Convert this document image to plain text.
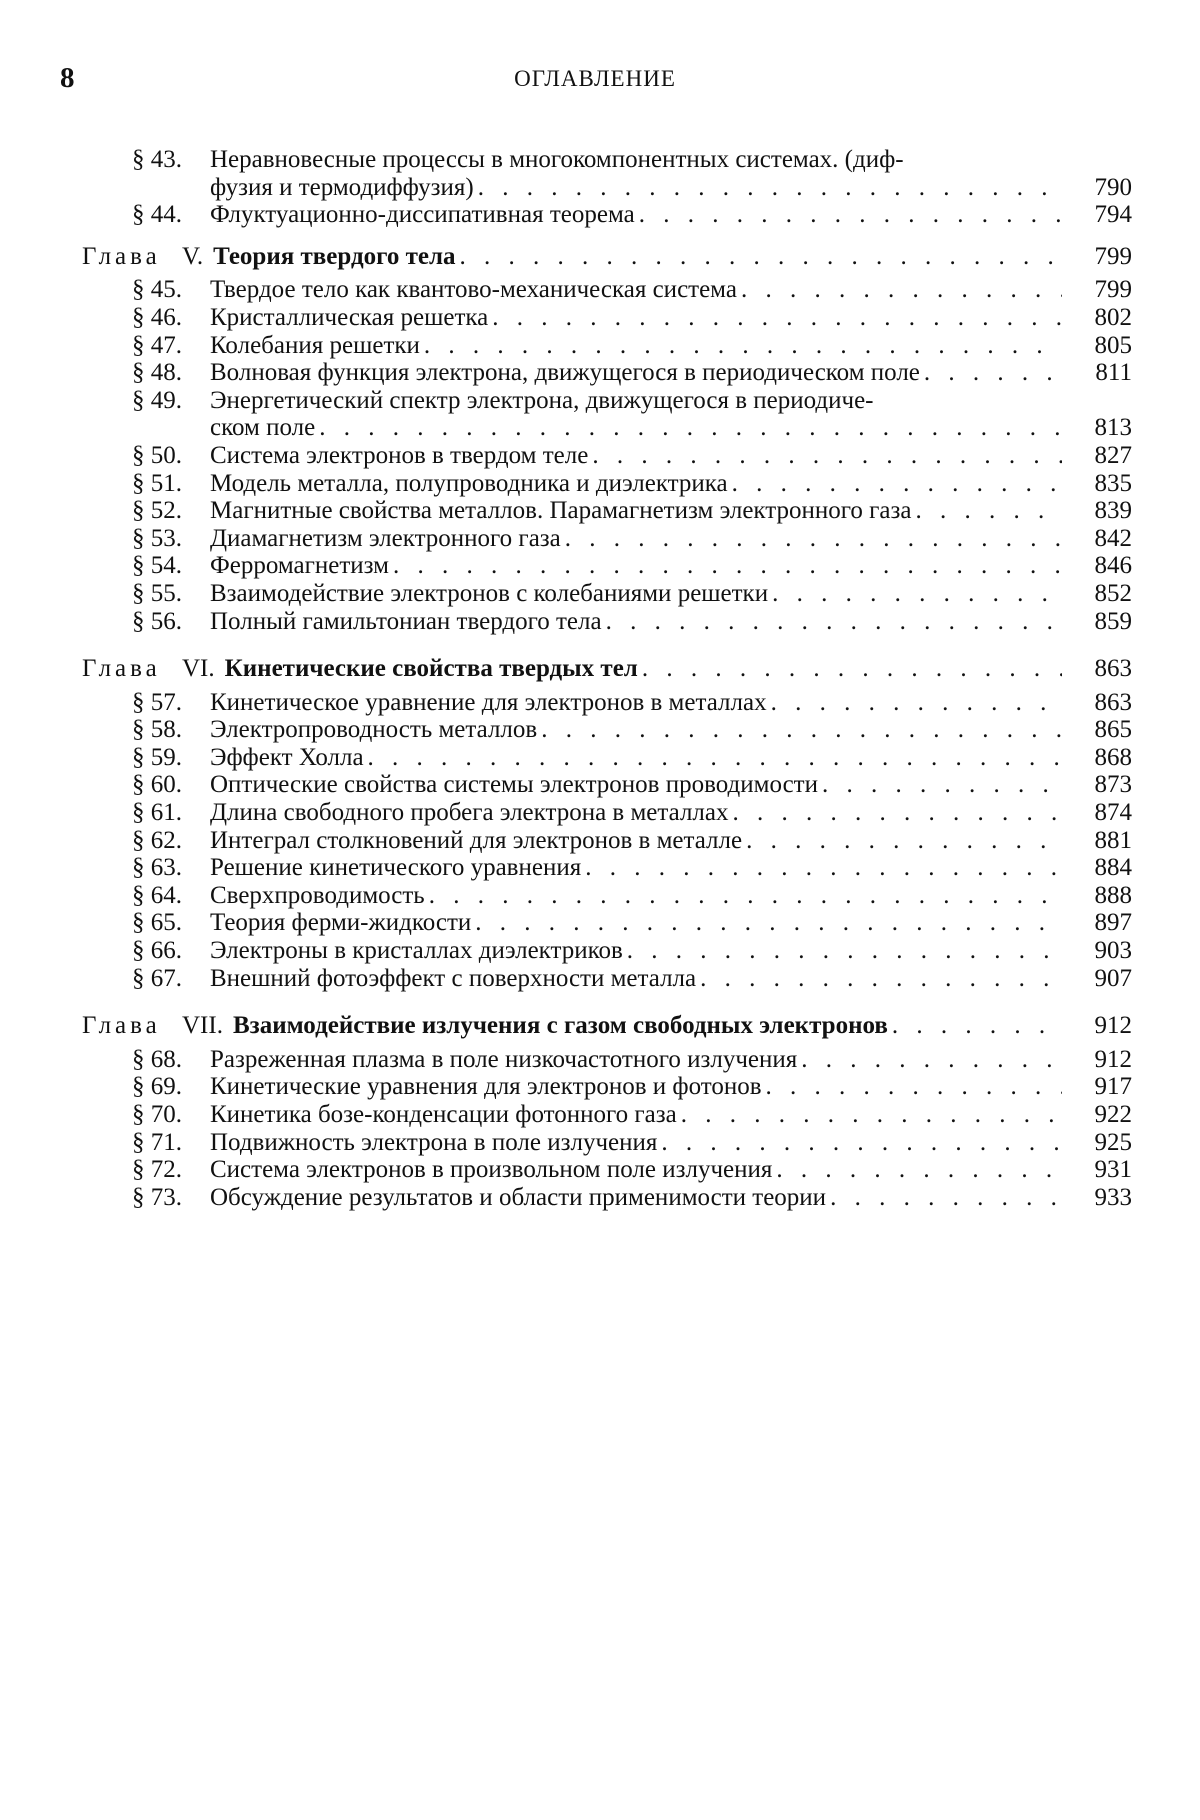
8	ОГЛАВЛЕНИЕ
§ 43.	Неравновесные процессы в многокомпонентных системах. (диф-
фузия и термодиффузия) . . .	790
§ 44.	Флуктуационно-диссипативная теорема . . .	794
Глава V. Теория твердого тела . . .	799
§ 45.	Твердое тело как квантово-механическая система . . .	799
§ 46.	Кристаллическая решетка . . .	802
§ 47.	Колебания решетки . . .	805
§ 48.	Волновая функция электрона, движущегося в периодическом поле . . .	811
§ 49.	Энергетический спектр электрона, движущегося в периодиче-
ском поле . . .	813
§ 50.	Система электронов в твердом теле . . .	827
§ 51.	Модель металла, полупроводника и диэлектрика . . .	835
§ 52.	Магнитные свойства металлов. Парамагнетизм электронного газа . . .	839
§ 53.	Диамагнетизм электронного газа . . .	842
§ 54.	Ферромагнетизм . . .	846
§ 55.	Взаимодействие электронов с колебаниями решетки . . .	852
§ 56.	Полный гамильтониан твердого тела . . .	859
Глава VI. Кинетические свойства твердых тел . . .	863
§ 57.	Кинетическое уравнение для электронов в металлах . . .	863
§ 58.	Электропроводность металлов . . .	865
§ 59.	Эффект Холла . . .	868
§ 60.	Оптические свойства системы электронов проводимости . . .	873
§ 61.	Длина свободного пробега электрона в металлах . . .	874
§ 62.	Интеграл столкновений для электронов в металле . . .	881
§ 63.	Решение кинетического уравнения . . .	884
§ 64.	Сверхпроводимость . . .	888
§ 65.	Теория ферми-жидкости . . .	897
§ 66.	Электроны в кристаллах диэлектриков . . .	903
§ 67.	Внешний фотоэффект с поверхности металла . . .	907
Глава VII. Взаимодействие излучения с газом свободных электронов . . .	912
§ 68.	Разреженная плазма в поле низкочастотного излучения . . .	912
§ 69.	Кинетические уравнения для электронов и фотонов . . .	917
§ 70.	Кинетика бозе-конденсации фотонного газа . . .	922
§ 71.	Подвижность электрона в поле излучения . . .	925
§ 72.	Система электронов в произвольном поле излучения . . .	931
§ 73.	Обсуждение результатов и области применимости теории . . .	933
